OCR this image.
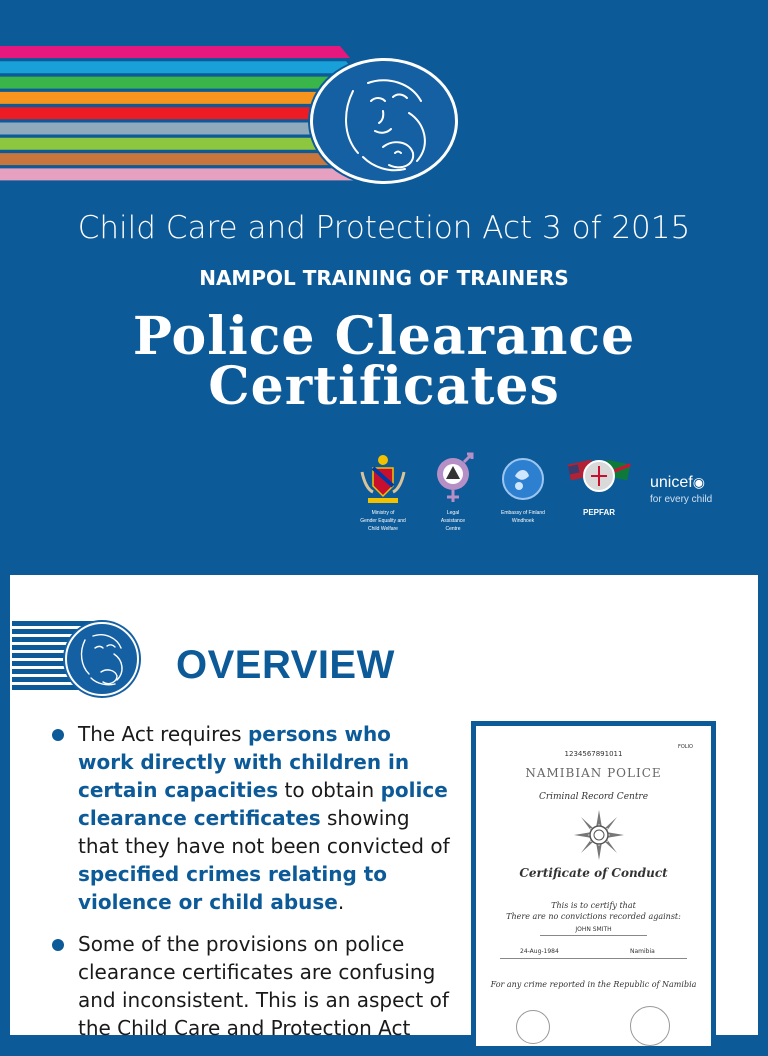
Child Care and Protection Act 3 of 2015
NAMPOL TRAINING OF TRAINERS
Police Clearance
Certificates
Ministry of
Gender Equality and
Child Welfare
Legal
Assistance
Centre
Embassy of Finland
Windhoek
PEPFAR
unicef◉
for every child
OVERVIEW
The Act requires persons who work directly with children in certain capacities to obtain police clearance certificates showing that they have not been convicted of specified crimes relating to violence or child abuse.
Some of the provisions on police clearance certificates are confusing and inconsistent. This is an aspect of the Child Care and Protection Act
FOLIO
1234567891011
NAMIBIAN POLICE
Criminal Record Centre
Certificate of Conduct
This is to certify that
There are no convictions recorded against:
JOHN SMITH
24-Aug-1984	Namibia
For any crime reported in the Republic of Namibia
